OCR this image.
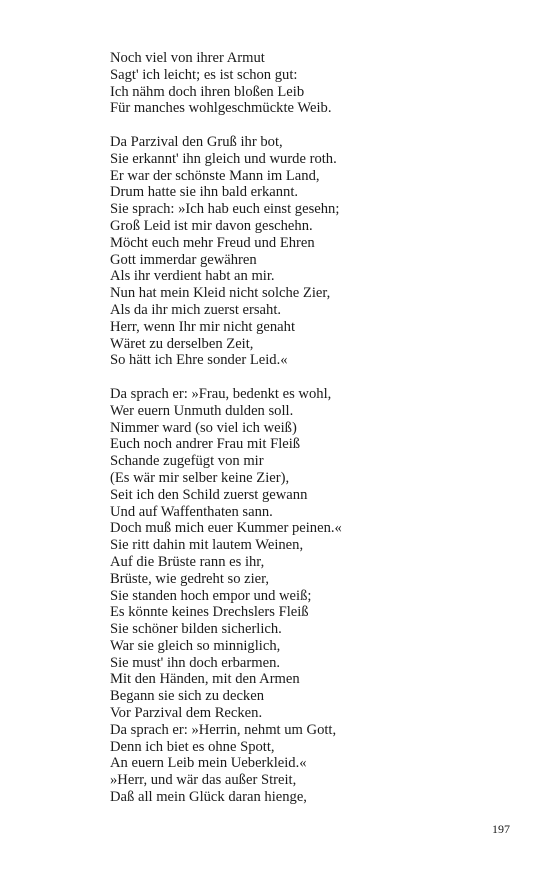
Noch viel von ihrer Armut
Sagt' ich leicht; es ist schon gut:
Ich nähm doch ihren bloßen Leib
Für manches wohlgeschmückte Weib.
Da Parzival den Gruß ihr bot,
Sie erkannt' ihn gleich und wurde roth.
Er war der schönste Mann im Land,
Drum hatte sie ihn bald erkannt.
Sie sprach: »Ich hab euch einst gesehn;
Groß Leid ist mir davon geschehn.
Möcht euch mehr Freud und Ehren
Gott immerdar gewähren
Als ihr verdient habt an mir.
Nun hat mein Kleid nicht solche Zier,
Als da ihr mich zuerst ersaht.
Herr, wenn Ihr mir nicht genaht
Wäret zu derselben Zeit,
So hätt ich Ehre sonder Leid.«
Da sprach er: »Frau, bedenkt es wohl,
Wer euern Unmuth dulden soll.
Nimmer ward (so viel ich weiß)
Euch noch andrer Frau mit Fleiß
Schande zugefügt von mir
(Es wär mir selber keine Zier),
Seit ich den Schild zuerst gewann
Und auf Waffenthaten sann.
Doch muß mich euer Kummer peinen.«
Sie ritt dahin mit lautem Weinen,
Auf die Brüste rann es ihr,
Brüste, wie gedreht so zier,
Sie standen hoch empor und weiß;
Es könnte keines Drechslers Fleiß
Sie schöner bilden sicherlich.
War sie gleich so minniglich,
Sie must' ihn doch erbarmen.
Mit den Händen, mit den Armen
Begann sie sich zu decken
Vor Parzival dem Recken.
Da sprach er: »Herrin, nehmt um Gott,
Denn ich biet es ohne Spott,
An euern Leib mein Ueberkleid.«
»Herr, und wär das außer Streit,
Daß all mein Glück daran hienge,
197
